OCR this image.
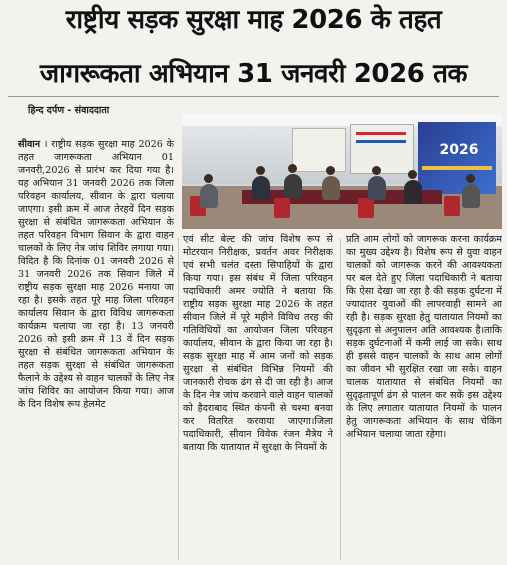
राष्ट्रीय सड़क सुरक्षा माह 2026 के तहत
जागरूकता अभियान 31 जनवरी 2026 तक
हिन्द दर्पण - संवाददाता
2026

सीवान । राष्ट्रीय सड़क सुरक्षा माह 2026 के तहत जागरूकता अभियान 01 जनवरी,2026 से प्रारंभ कर दिया गया है। यह अभियान 31 जनवरी 2026 तक जिला परिवहन कार्यालय, सीवान के द्वारा चलाया जाएगा। इसी क्रम में आज तेरहवें दिन सड़क सुरक्षा से संबंधित जागरूकता अभियान के तहत परिवहन विभाग सिवान के द्वारा वाहन चालकों के लिए नेत्र जांच शिविर लगाया गया। विदित है कि दिनांक 01 जनवरी 2026 से 31 जनवरी 2026 तक सिवान जिले में राष्ट्रीय सड़क सुरक्षा माह 2026 मनाया जा रहा है। इसके तहत पूरे माह जिला परिवहन कार्यालय सिवान के द्वारा विविध जागरूकता कार्यक्रम चलाया जा रहा है। 13 जनवरी 2026 को इसी क्रम में 13 वें दिन सड़क सुरक्षा से संबंधित जागरूकता अभियान के तहत सड़क सुरक्षा से संबंधित जागरूकता फैलाने के उद्देश्य से वाहन चालकों के लिए नेत्र जांच शिविर का आयोजन किया गया। आज के दिन विशेष रूप हेलमेट

एवं सीट बेल्ट की जांच विशेष रूप से मोटरयान निरीक्षक, प्रवर्तन अवर निरीक्षक एवं सभी चलंत दस्ता सिपाहियों के द्वारा किया गया। इस संबंध में जिला परिवहन पदाधिकारी अमर ज्योति ने बताया कि राष्ट्रीय सड़क सुरक्षा माह 2026 के तहत सीवान जिले में पूरे महीने विविध तरह की गतिविधियों का आयोजन जिला परिवहन कार्यालय, सीवान के द्वारा किया जा रहा है। सड़क सुरक्षा माह में आम जनों को सड़क सुरक्षा से संबंधित विभिन्न नियमों की जानकारी रोचक ढंग से दी जा रही है। आज के दिन नेत्र जांच करवाने वाले वाहन चालकों को हैदराबाद स्थित कंपनी से चश्मा बनवा कर वितरित करवाया जाएगा।जिला पदाधिकारी, सीवान विवेक रंजन मैत्रेय ने बताया कि यातायात में सुरक्षा के नियमों के

प्रति आम लोगों को जागरूक करना कार्यक्रम का मुख्य उद्देश्य है। विशेष रूप से युवा वाहन चालकों को जागरूक करने की आवश्यकता पर बल देते हुए जिला पदाधिकारी ने बताया कि ऐसा देखा जा रहा है की सड़क दुर्घटना में ज्यादातर युवाओं की लापरवाही सामने आ रही है। सड़क सुरक्षा हेतु यातायात नियमों का सुदृढ़ता से अनुपालन अति आवश्यक है।ताकि सड़क दुर्घटनाओं में कमी लाई जा सके। साथ ही इससे वाहन चालकों के साथ आम लोगों का जीवन भी सुरक्षित रखा जा सके। वाहन चालक यातायात से संबंधित नियमों का सुदृढ़तापूर्ण ढंग से पालन कर सकें इस उद्देश्य के लिए लगातार यातायात नियमों के पालन हेतु जागरूकता अभियान के साथ चेकिंग अभियान चलाया जाता रहेगा।
